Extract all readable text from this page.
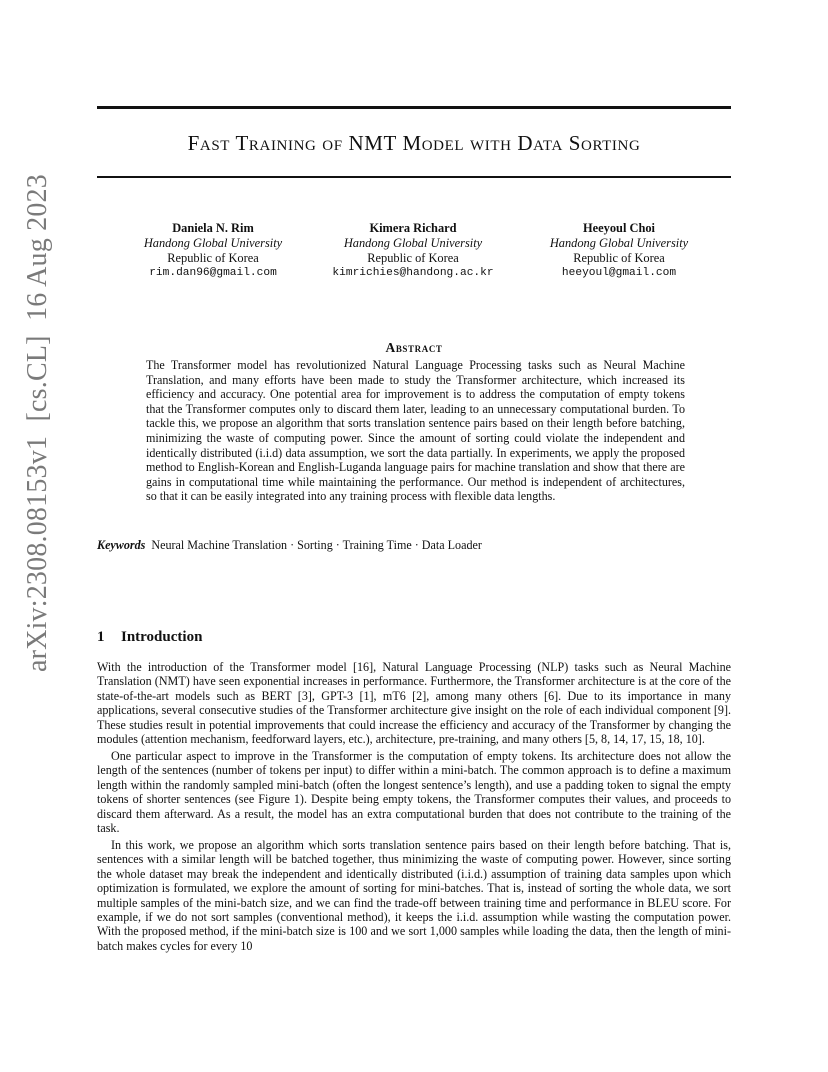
arXiv:2308.08153v1  [cs.CL]  16 Aug 2023
Fast Training of NMT Model with Data Sorting
Daniela N. Rim
Handong Global University
Republic of Korea
rim.dan96@gmail.com
Kimera Richard
Handong Global University
Republic of Korea
kimrichies@handong.ac.kr
Heeyoul Choi
Handong Global University
Republic of Korea
heeyoul@gmail.com
Abstract
The Transformer model has revolutionized Natural Language Processing tasks such as Neural Machine Translation, and many efforts have been made to study the Transformer architecture, which increased its efficiency and accuracy. One potential area for improvement is to address the computation of empty tokens that the Transformer computes only to discard them later, leading to an unnecessary computational burden. To tackle this, we propose an algorithm that sorts translation sentence pairs based on their length before batching, minimizing the waste of computing power. Since the amount of sorting could violate the independent and identically distributed (i.i.d) data assumption, we sort the data partially. In experiments, we apply the proposed method to English-Korean and English-Luganda language pairs for machine translation and show that there are gains in computational time while maintaining the performance. Our method is independent of architectures, so that it can be easily integrated into any training process with flexible data lengths.
Keywords Neural Machine Translation · Sorting · Training Time · Data Loader
1 Introduction

With the introduction of the Transformer model [16], Natural Language Processing (NLP) tasks such as Neural Machine Translation (NMT) have seen exponential increases in performance. Furthermore, the Transformer architecture is at the core of the state-of-the-art models such as BERT [3], GPT-3 [1], mT6 [2], among many others [6]. Due to its importance in many applications, several consecutive studies of the Transformer architecture give insight on the role of each individual component [9]. These studies result in potential improvements that could increase the efficiency and accuracy of the Transformer by changing the modules (attention mechanism, feedforward layers, etc.), architecture, pre-training, and many others [5, 8, 14, 17, 15, 18, 10].

One particular aspect to improve in the Transformer is the computation of empty tokens. Its architecture does not allow the length of the sentences (number of tokens per input) to differ within a mini-batch. The common approach is to define a maximum length within the randomly sampled mini-batch (often the longest sentence’s length), and use a padding token to signal the empty tokens of shorter sentences (see Figure 1). Despite being empty tokens, the Transformer computes their values, and proceeds to discard them afterward. As a result, the model has an extra computational burden that does not contribute to the training of the task.

In this work, we propose an algorithm which sorts translation sentence pairs based on their length before batching. That is, sentences with a similar length will be batched together, thus minimizing the waste of computing power. However, since sorting the whole dataset may break the independent and identically distributed (i.i.d.) assumption of training data samples upon which optimization is formulated, we explore the amount of sorting for mini-batches. That is, instead of sorting the whole data, we sort multiple samples of the mini-batch size, and we can find the trade-off between training time and performance in BLEU score. For example, if we do not sort samples (conventional method), it keeps the i.i.d. assumption while wasting the computation power. With the proposed method, if the mini-batch size is 100 and we sort 1,000 samples while loading the data, then the length of mini-batch makes cycles for every 10
